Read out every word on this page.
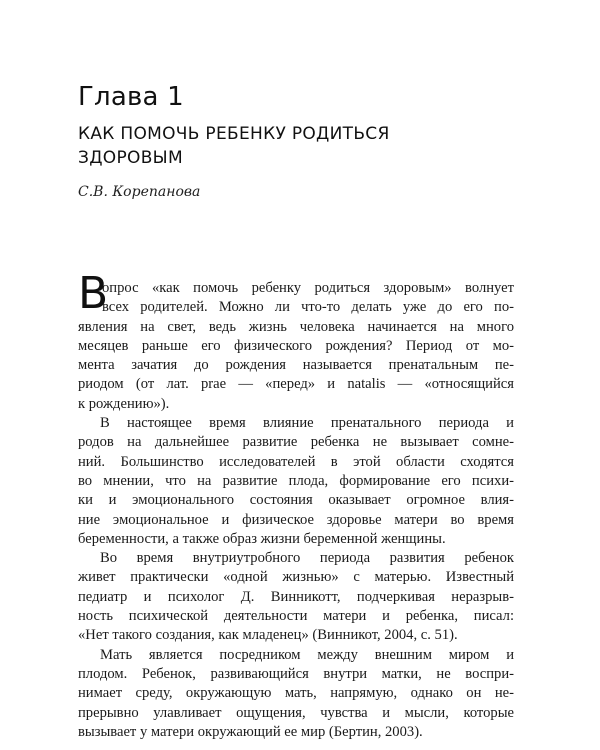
Глава 1
КАК ПОМОЧЬ РЕБЕНКУ РОДИТЬСЯ
ЗДОРОВЫМ
С.В. Корепанова
В
опрос «как помочь ребенку родиться здоровым» волнует
всех родителей. Можно ли что-то делать уже до его по-
явления на свет, ведь жизнь человека начинается на много
месяцев раньше его физического рождения? Период от мо-
мента зачатия до рождения называется пренатальным пе-
риодом (от лат. prae — «перед» и natalis — «относящийся
к рождению»).
В настоящее время влияние пренатального периода и
родов на дальнейшее развитие ребенка не вызывает сомне-
ний. Большинство исследователей в этой области сходятся
во мнении, что на развитие плода, формирование его психи-
ки и эмоционального состояния оказывает огромное влия-
ние эмоциональное и физическое здоровье матери во время
беременности, а также образ жизни беременной женщины.
Во время внутриутробного периода развития ребенок
живет практически «одной жизнью» с матерью. Известный
педиатр и психолог Д. Винникотт, подчеркивая неразрыв-
ность психической деятельности матери и ребенка, писал:
«Нет такого создания, как младенец» (Винникот, 2004, с. 51).
Мать является посредником между внешним миром и
плодом. Ребенок, развивающийся внутри матки, не воспри-
нимает среду, окружающую мать, напрямую, однако он не-
прерывно улавливает ощущения, чувства и мысли, которые
вызывает у матери окружающий ее мир (Бертин, 2003).
